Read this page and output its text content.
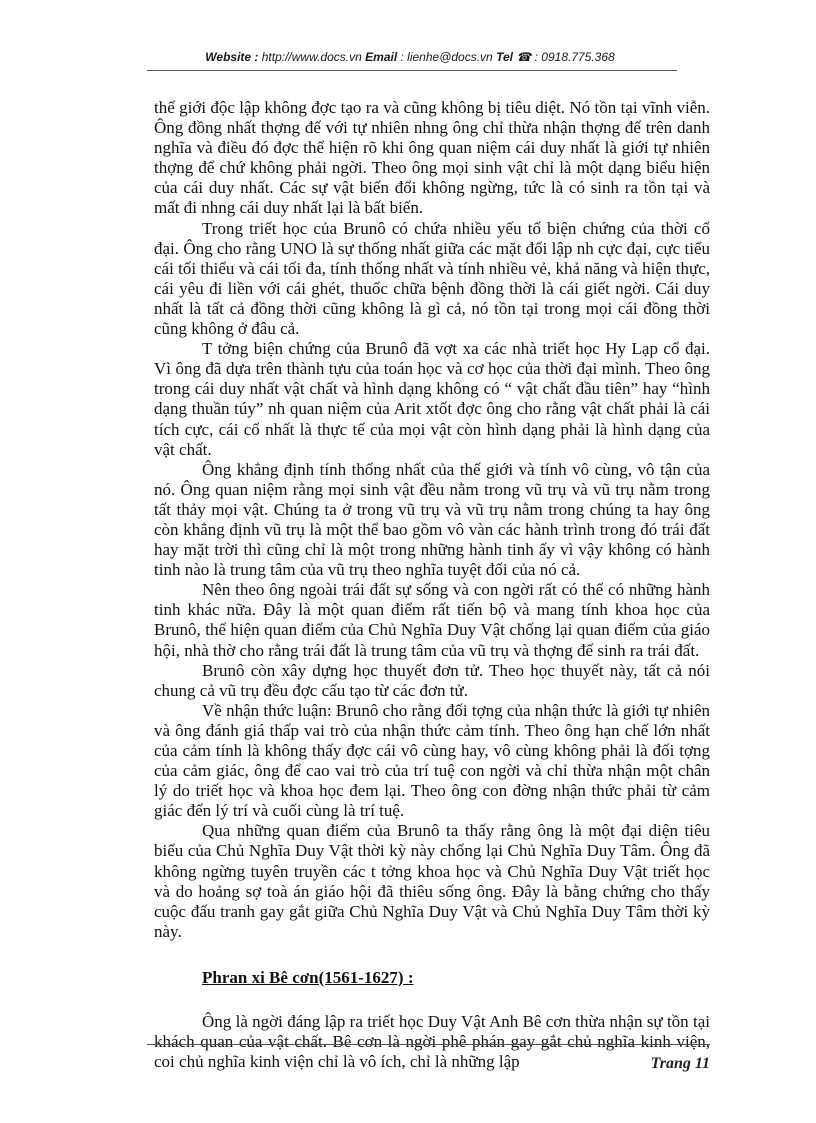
Website : http://www.docs.vn Email : lienhe@docs.vn Tel ☎ : 0918.775.368

thế giới độc lập không đợc tạo ra và cũng không bị tiêu diệt. Nó tồn tại vĩnh viễn. Ông đồng nhất thợng đế với tự nhiên nhng ông chỉ thừa nhận thợng đế trên danh nghĩa và điều đó đợc thể hiện rõ khi ông quan niệm cái duy nhất là giới tự nhiên thợng để chứ không phải ngời. Theo ông mọi sinh vật chỉ là một dạng biểu hiện của cái duy nhất. Các sự vật biến đổi không ngừng, tức là có sinh ra tồn tại và mất đi nhng cái duy nhất lại là bất biến.

Trong triết học của Brunô có chứa nhiều yếu tố biện chứng của thời cổ đại. Ông cho rằng UNO là sự thống nhất giữa các mặt đối lập nh cực đại, cực tiểu cái tối thiểu và cái tối đa, tính thống nhất và tính nhiều vẻ, khả năng và hiện thực, cái yêu đi liền với cái ghét, thuốc chữa bệnh đồng thời là cái giết ngời. Cái duy nhất là tất cả đồng thời cũng không là gì cả, nó tồn tại trong mọi cái đồng thời cũng không ở đâu cả.

T tởng biện chứng của Brunô đã vợt xa các nhà triết học Hy Lạp cổ đại. Vì ông đã dựa trên thành tựu của toán học và cơ học của thời đại mình. Theo ông trong cái duy nhất vật chất và hình dạng không có “ vật chất đầu tiên” hay “hình dạng thuần túy” nh quan niệm của Arit xtốt đợc ông cho rằng vật chất phải là cái tích cực, cái cổ nhất là thực tế của mọi vật còn hình dạng phải là hình dạng của vật chất.

Ông khẳng định tính thống nhất của thế giới và tính vô cùng, vô tận của nó. Ông quan niệm rằng mọi sinh vật đều nằm trong vũ trụ và vũ trụ nằm trong tất thảy mọi vật. Chúng ta ở trong vũ trụ và vũ trụ nằm trong chúng ta hay ông còn khẳng định vũ trụ là một thể bao gồm vô vàn các hành trình trong đó trái đất hay mặt trời thì cũng chỉ là một trong những hành tinh ấy vì vậy không có hành tinh nào là trung tâm của vũ trụ theo nghĩa tuyệt đối của nó cả.

Nên theo ông ngoài trái đất sự sống và con ngời rất có thể có những hành tinh khác nữa. Đây là một quan điểm rất tiến bộ và mang tính khoa học của Brunô, thể hiện quan điểm của Chủ Nghĩa Duy Vật chống lại quan điểm của giáo hội, nhà thờ cho rằng trái đất là trung tâm của vũ trụ và thợng đế sinh ra trái đất.

Brunô còn xây dựng học thuyết đơn tử. Theo học thuyết này, tất cả nói chung cả vũ trụ đều đợc cấu tạo từ các đơn tử.

Về nhận thức luận: Brunô cho rằng đối tợng của nhận thức là giới tự nhiên và ông đánh giá thấp vai trò của nhận thức cảm tính. Theo ông hạn chế lớn nhất của cảm tính là không thấy đợc cái vô cùng hay, vô cùng không phải là đối tợng của cảm giác, ông để cao vai trò của trí tuệ con ngời và chỉ thừa nhận một chân lý do triết học và khoa học đem lại. Theo ông con đờng nhận thức phải từ cảm giác đến lý trí và cuối cùng là trí tuệ.

Qua những quan điểm của Brunô ta thấy rằng ông là một đại diện tiêu biểu của Chủ Nghĩa Duy Vật thời kỳ này chống lại Chủ Nghĩa Duy Tâm. Ông đã không ngừng tuyên truyền các t tởng khoa học và Chủ Nghĩa Duy Vật triết học và do hoảng sợ toà án giáo hội đã thiêu sống ông. Đây là bằng chứng cho thấy cuộc đấu tranh gay gắt giữa Chủ Nghĩa Duy Vật và Chủ Nghĩa Duy Tâm thời kỳ này.

Phran xi Bê cơn(1561-1627) :

Ông là ngời đáng lập ra triết học Duy Vật Anh Bê cơn thừa nhận sự tồn tại khách quan của vật chất. Bê cơn là ngời phê phán gay gắt chủ nghĩa kinh viện, coi chủ nghĩa kinh viện chỉ là vô ích, chỉ là những lập	Trang 11
